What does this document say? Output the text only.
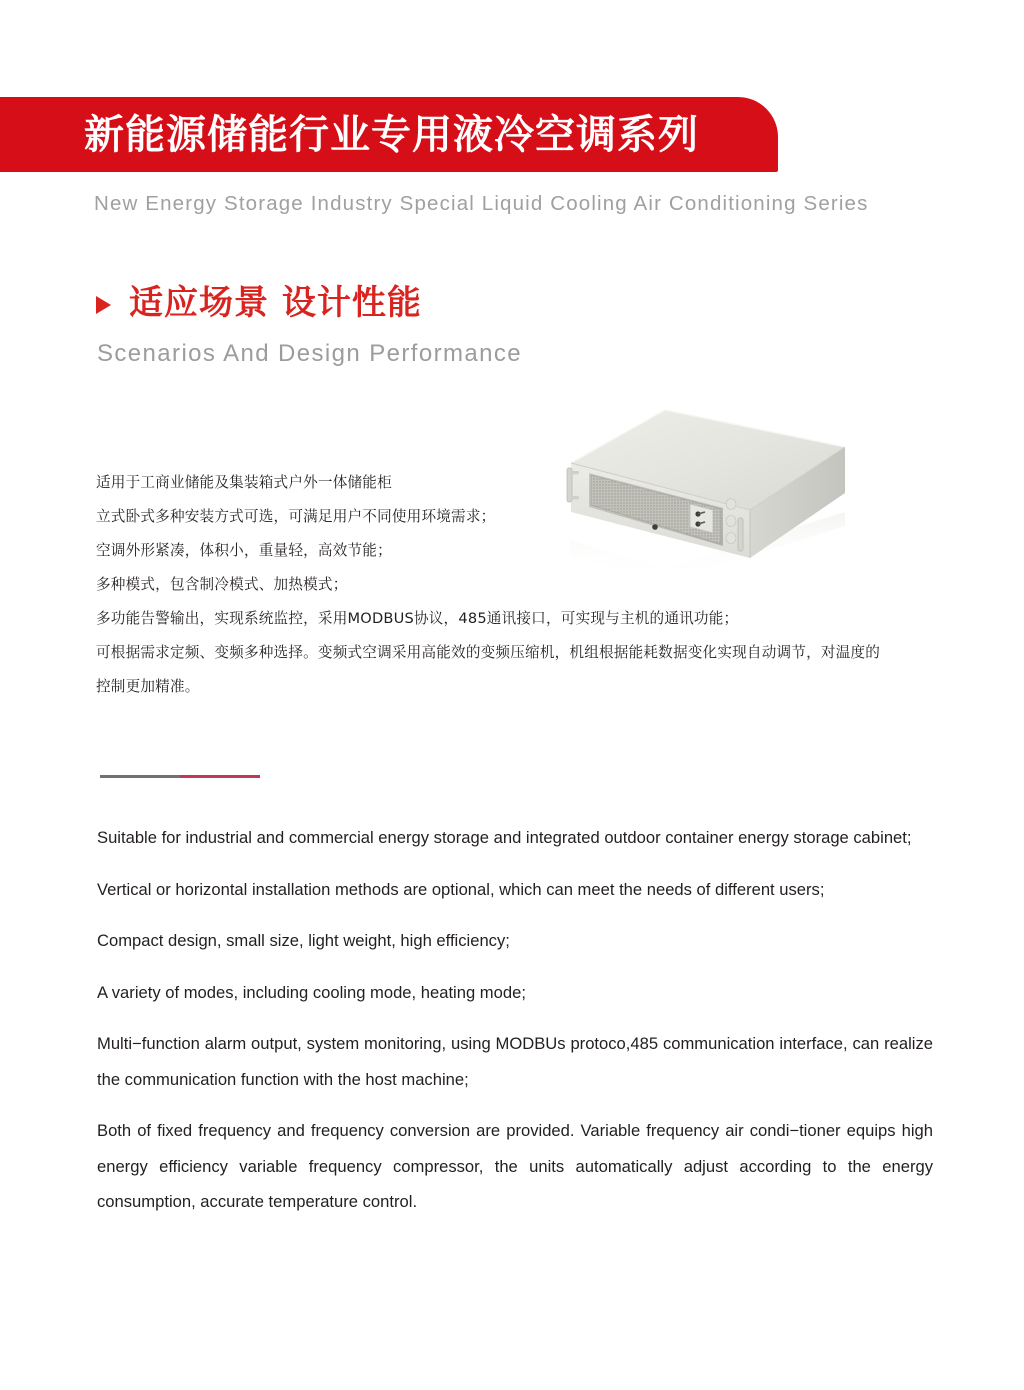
新能源储能行业专用液冷空调系列
New Energy Storage Industry Special Liquid Cooling Air Conditioning Series
适应场景 设计性能
Scenarios And Design Performance
适用于工商业储能及集装箱式户外一体储能柜
立式卧式多种安装方式可选，可满足用户不同使用环境需求；
空调外形紧凑，体积小，重量轻，高效节能；
多种模式，包含制冷模式、加热模式；
多功能告警输出，实现系统监控，采用MODBUS协议，485通讯接口，可实现与主机的通讯功能；
可根据需求定频、变频多种选择。变频式空调采用高能效的变频压缩机，机组根据能耗数据变化实现自动调节，对温度的控制更加精准。

Suitable for industrial and commercial energy storage and integrated outdoor container energy storage cabinet;

Vertical or horizontal installation methods are optional, which can meet the needs of different users;

Compact design, small size, light weight, high efficiency;

A variety of modes, including cooling mode, heating mode;

Multi−function alarm output, system monitoring, using MODBUs protoco,485 communication interface, can realize the communication function with the host machine;

Both of fixed frequency and frequency conversion are provided. Variable frequency air condi−tioner equips high energy efficiency variable frequency compressor, the units automatically adjust according to the energy consumption, accurate temperature control.
